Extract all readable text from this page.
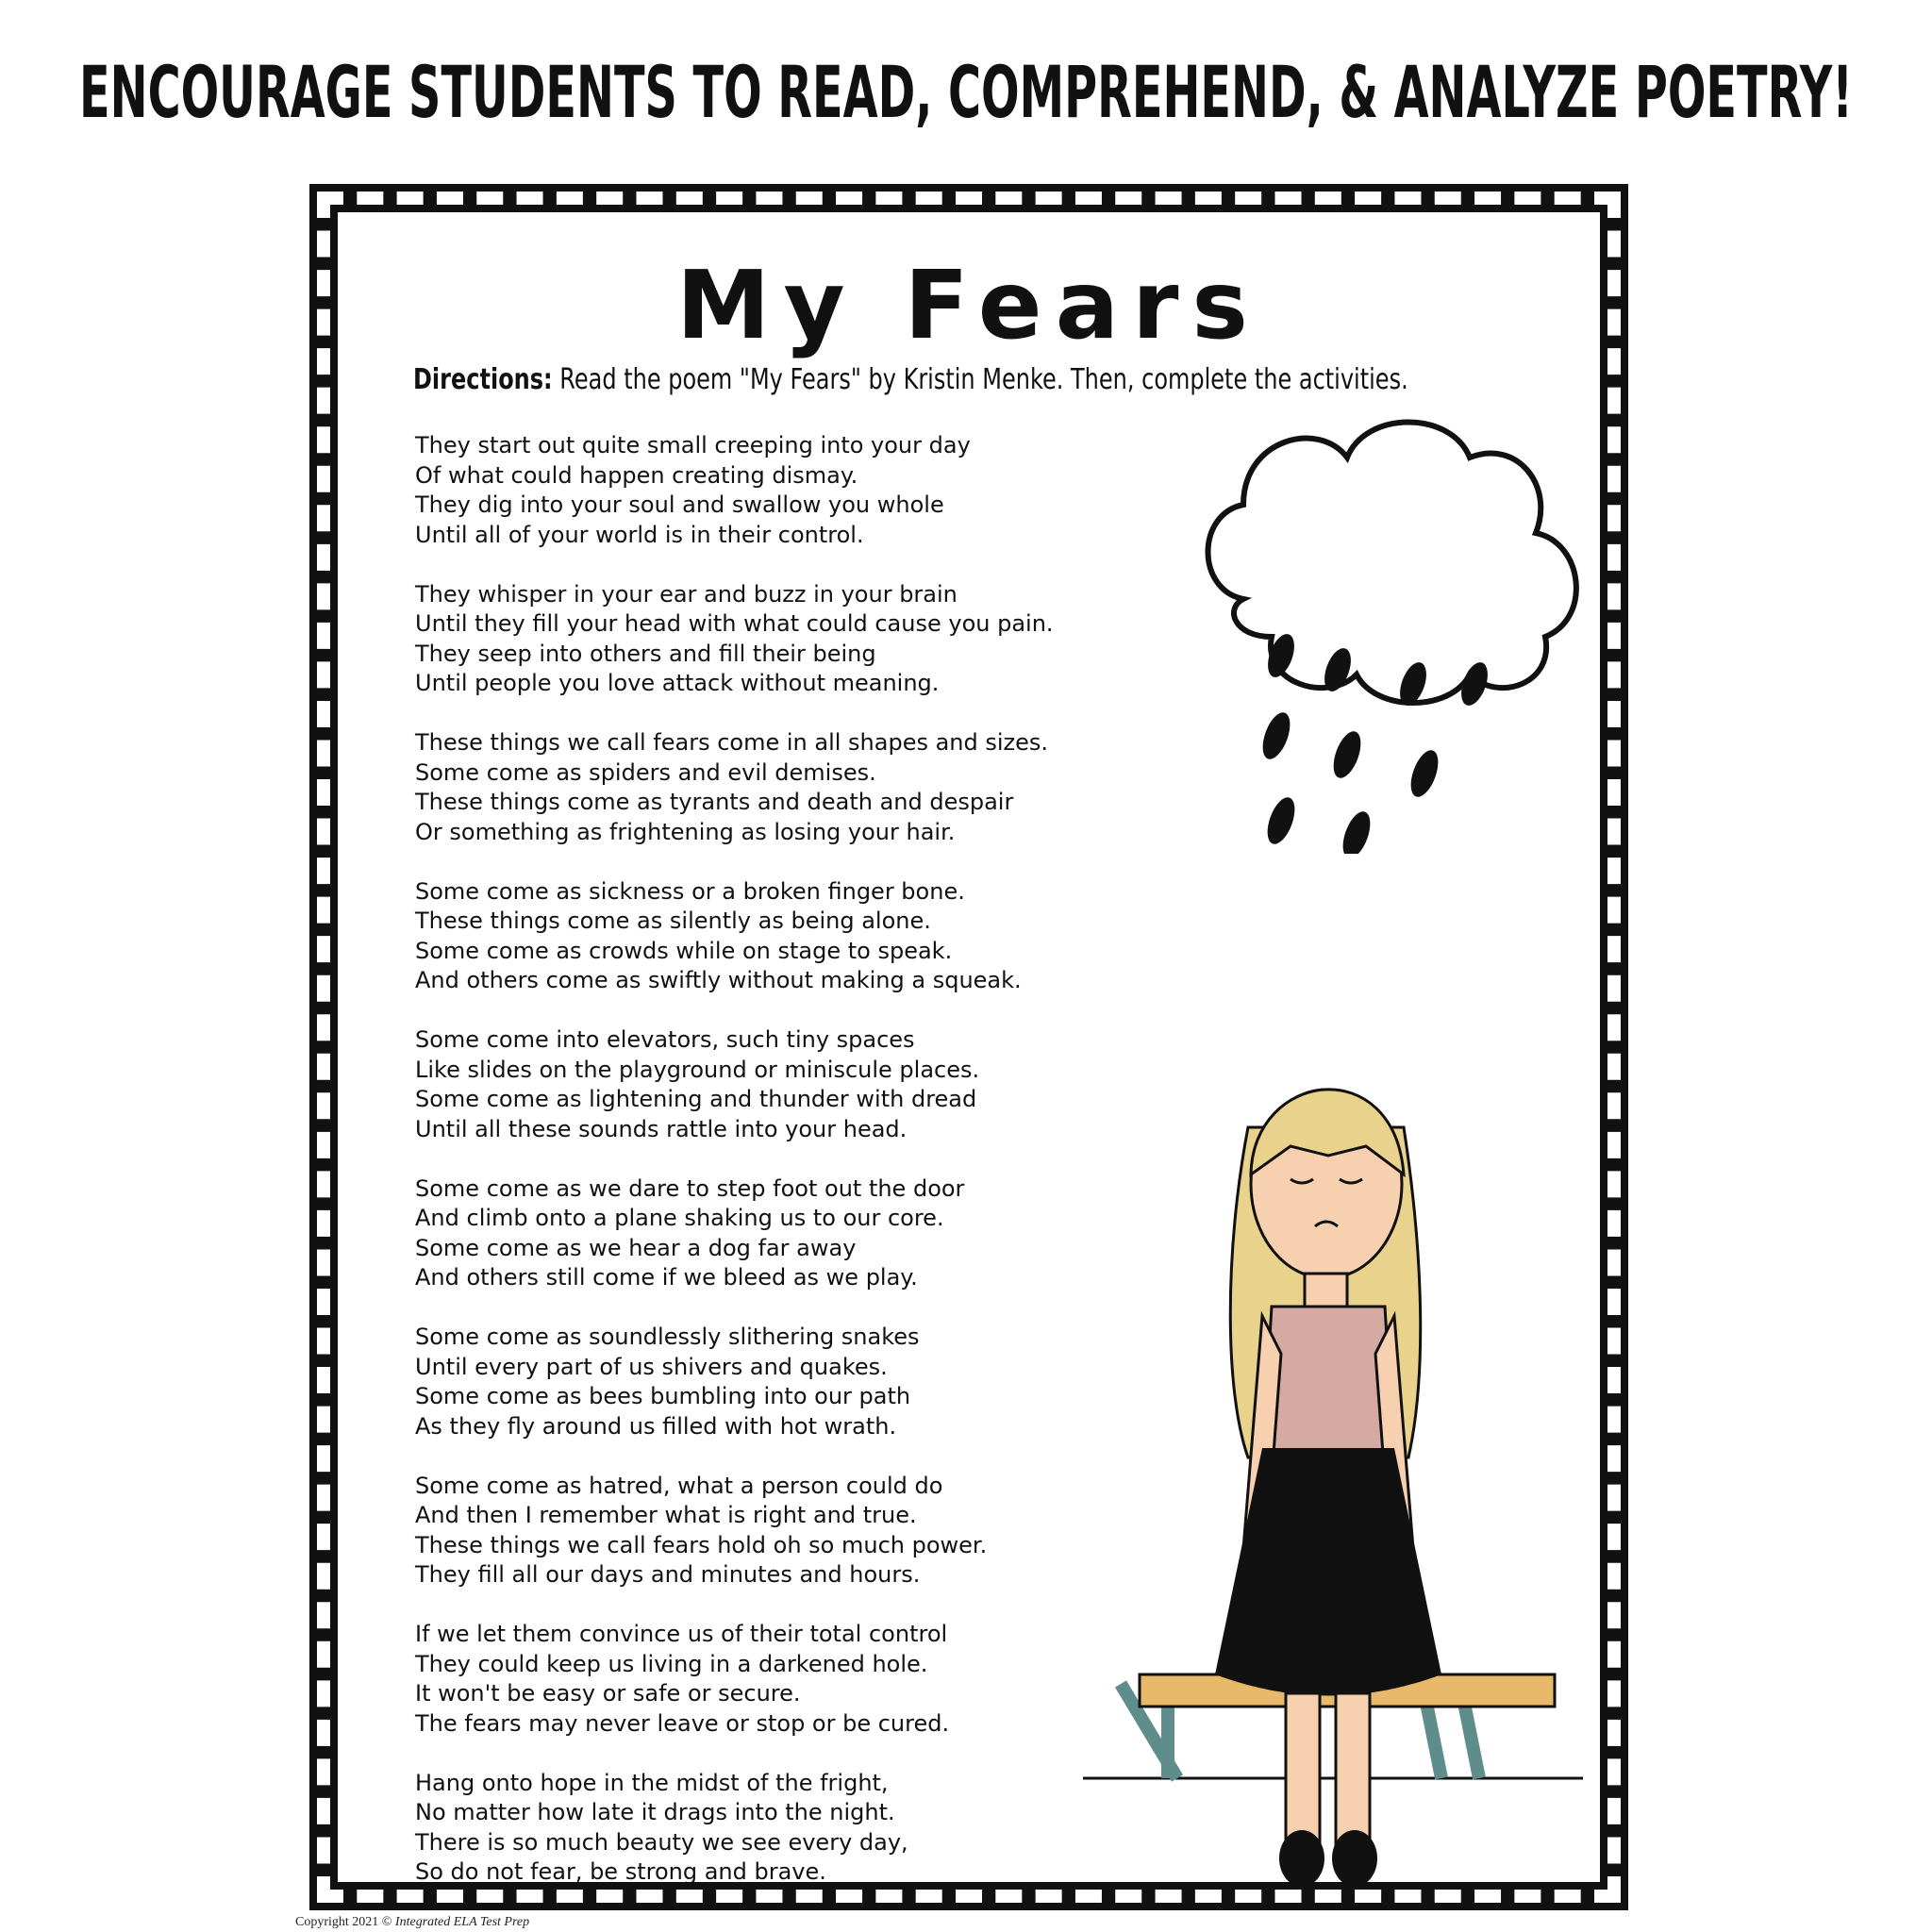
ENCOURAGE STUDENTS TO READ, COMPREHEND, & ANALYZE POETRY!
My Fears
Directions: Read the poem "My Fears" by Kristin Menke. Then, complete the activities.
They start out quite small creeping into your day
Of what could happen creating dismay.
They dig into your soul and swallow you whole
Until all of your world is in their control.
They whisper in your ear and buzz in your brain
Until they fill your head with what could cause you pain.
They seep into others and fill their being
Until people you love attack without meaning.
These things we call fears come in all shapes and sizes.
Some come as spiders and evil demises.
These things come as tyrants and death and despair
Or something as frightening as losing your hair.
Some come as sickness or a broken finger bone.
These things come as silently as being alone.
Some come as crowds while on stage to speak.
And others come as swiftly without making a squeak.
Some come into elevators, such tiny spaces
Like slides on the playground or miniscule places.
Some come as lightening and thunder with dread
Until all these sounds rattle into your head.
Some come as we dare to step foot out the door
And climb onto a plane shaking us to our core.
Some come as we hear a dog far away
And others still come if we bleed as we play.
Some come as soundlessly slithering snakes
Until every part of us shivers and quakes.
Some come as bees bumbling into our path
As they fly around us filled with hot wrath.
Some come as hatred, what a person could do
And then I remember what is right and true.
These things we call fears hold oh so much power.
They fill all our days and minutes and hours.
If we let them convince us of their total control
They could keep us living in a darkened hole.
It won't be easy or safe or secure.
The fears may never leave or stop or be cured.
Hang onto hope in the midst of the fright,
No matter how late it drags into the night.
There is so much beauty we see every day,
So do not fear, be strong and brave.
Copyright 2021 © Integrated ELA Test Prep
